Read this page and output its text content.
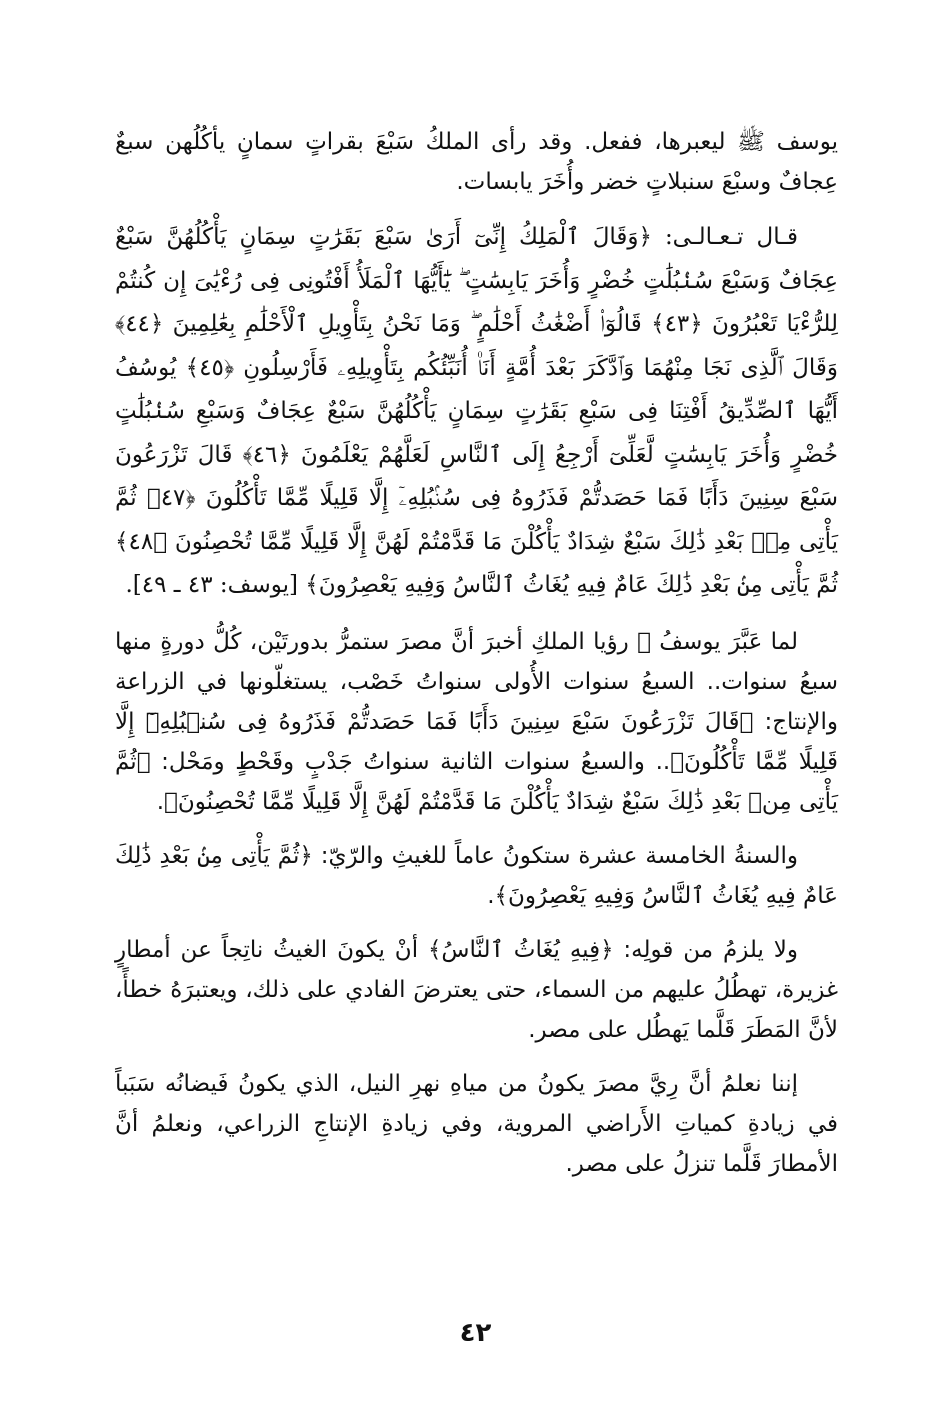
يوسف ﷺ ليعبرها، ففعل. وقد رأى الملكُ سَبْعَ بقراتٍ سمانٍ يأكُلُهن سبعٌ عِجافٌ وسبْعَ سنبلاتٍ خضر وأُخَرَ يابسات.

قـال تـعـالـى: ﴿وَقَالَ ٱلْمَلِكُ إِنِّىٓ أَرَىٰ سَبْعَ بَقَرَٰتٍ سِمَانٍ يَأْكُلُهُنَّ سَبْعٌ عِجَافٌ وَسَبْعَ سُنۢبُلَٰتٍ خُضْرٍ وَأُخَرَ يَابِسَٰتٍ ۖ يَٰٓأَيُّهَا ٱلْمَلَأُ أَفْتُونِى فِى رُءْيَٰىَ إِن كُنتُمْ لِلرُّءْيَا تَعْبُرُونَ ﴿٤٣﴾ قَالُوٓا۟ أَضْغَٰثُ أَحْلَٰمٍ ۖ وَمَا نَحْنُ بِتَأْوِيلِ ٱلْأَحْلَٰمِ بِعَٰلِمِينَ ﴿٤٤﴾ وَقَالَ ٱلَّذِى نَجَا مِنْهُمَا وَٱدَّكَرَ بَعْدَ أُمَّةٍ أَنَا۠ أُنَبِّئُكُم بِتَأْوِيلِهِۦ فَأَرْسِلُونِ ﴿٤٥﴾ يُوسُفُ أَيُّهَا ٱلصِّدِّيقُ أَفْتِنَا فِى سَبْعِ بَقَرَٰتٍ سِمَانٍ يَأْكُلُهُنَّ سَبْعٌ عِجَافٌ وَسَبْعِ سُنۢبُلَٰتٍ خُضْرٍ وَأُخَرَ يَابِسَٰتٍ لَّعَلِّىٓ أَرْجِعُ إِلَى ٱلنَّاسِ لَعَلَّهُمْ يَعْلَمُونَ ﴿٤٦﴾ قَالَ تَزْرَعُونَ سَبْعَ سِنِينَ دَأَبًا فَمَا حَصَدتُّمْ فَذَرُوهُ فِى سُنۢبُلِهِۦٓ إِلَّا قَلِيلًا مِّمَّا تَأْكُلُونَ ﴿٤٧﴾ ثُمَّ يَأْتِى مِنۢ بَعْدِ ذَٰلِكَ سَبْعٌ شِدَادٌ يَأْكُلْنَ مَا قَدَّمْتُمْ لَهُنَّ إِلَّا قَلِيلًا مِّمَّا تُحْصِنُونَ ﴿٤٨﴾ ثُمَّ يَأْتِى مِنۢ بَعْدِ ذَٰلِكَ عَامٌ فِيهِ يُغَاثُ ٱلنَّاسُ وَفِيهِ يَعْصِرُونَ﴾ [يوسف: ٤٣ ـ ٤٩].

لما عَبَّرَ يوسفُ ﷺ رؤيا الملكِ أخبرَ أنَّ مصرَ ستمرُّ بدورتَيْن، كُلُّ دورةٍ منها سبعُ سنوات.. السبعُ سنوات الأُولى سنواتُ خَصْب، يستغلّونها في الزراعة والإنتاج: ﴿قَالَ تَزْرَعُونَ سَبْعَ سِنِينَ دَأَبًا فَمَا حَصَدتُّمْ فَذَرُوهُ فِى سُنۢبُلِهِۦٓ إِلَّا قَلِيلًا مِّمَّا تَأْكُلُونَ﴾.. والسبعُ سنوات الثانية سنواتُ جَدْبٍ وقَحْطٍ ومَحْل: ﴿ثُمَّ يَأْتِى مِنۢ بَعْدِ ذَٰلِكَ سَبْعٌ شِدَادٌ يَأْكُلْنَ مَا قَدَّمْتُمْ لَهُنَّ إِلَّا قَلِيلًا مِّمَّا تُحْصِنُونَ﴾.

والسنةُ الخامسة عشرة ستكونُ عاماً للغيثِ والرّيّ: ﴿ثُمَّ يَأْتِى مِنۢ بَعْدِ ذَٰلِكَ عَامٌ فِيهِ يُغَاثُ ٱلنَّاسُ وَفِيهِ يَعْصِرُونَ﴾.

ولا يلزمُ من قولِه: ﴿فِيهِ يُغَاثُ ٱلنَّاسُ﴾ أنْ يكونَ الغيثُ ناتِجاً عن أمطارٍ غزيرة، تهطُلُ عليهم من السماء، حتى يعترضَ الفادي على ذلك، ويعتبرَهُ خطأً، لأنَّ المَطَرَ قَلَّما يَهطُل على مصر.

إننا نعلمُ أنَّ رِيَّ مصرَ يكونُ من مياهِ نهرِ النيل، الذي يكونُ فَيضانُه سَبَباً في زيادةِ كمياتِ الأَراضي المروية، وفي زيادةِ الإنتاجِ الزراعي، ونعلمُ أنَّ الأمطارَ قَلَّما تنزلُ على مصر.

٤٢
